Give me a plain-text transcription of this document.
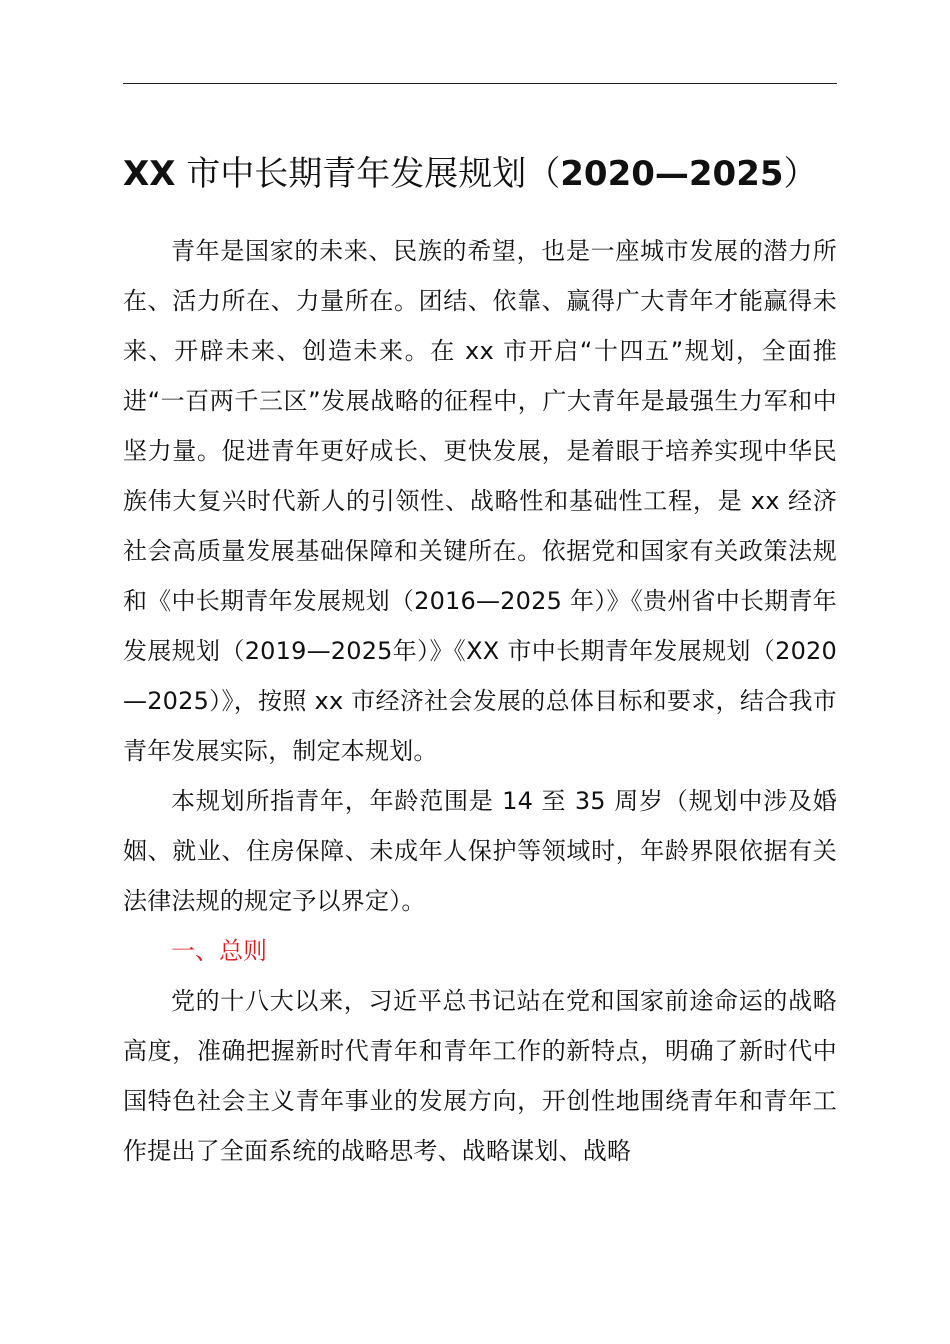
XX 市中长期青年发展规划（2020—2025）

青年是国家的未来、民族的希望，也是一座城市发展的潜力所在、活力所在、力量所在。团结、依靠、赢得广大青年才能赢得未来、开辟未来、创造未来。在 xx 市开启“十四五”规划，全面推进“一百两千三区”发展战略的征程中，广大青年是最强生力军和中坚力量。促进青年更好成长、更快发展，是着眼于培养实现中华民族伟大复兴时代新人的引领性、战略性和基础性工程，是 xx 经济社会高质量发展基础保障和关键所在。依据党和国家有关政策法规和《中长期青年发展规划（2016—2025 年）》《贵州省中长期青年发展规划（2019—2025年）》《XX 市中长期青年发展规划（2020—2025）》，按照 xx 市经济社会发展的总体目标和要求，结合我市青年发展实际，制定本规划。

本规划所指青年，年龄范围是 14 至 35 周岁（规划中涉及婚姻、就业、住房保障、未成年人保护等领域时，年龄界限依据有关法律法规的规定予以界定）。

一、总则

党的十八大以来，习近平总书记站在党和国家前途命运的战略高度，准确把握新时代青年和青年工作的新特点，明确了新时代中国特色社会主义青年事业的发展方向，开创性地围绕青年和青年工作提出了全面系统的战略思考、战略谋划、战略
